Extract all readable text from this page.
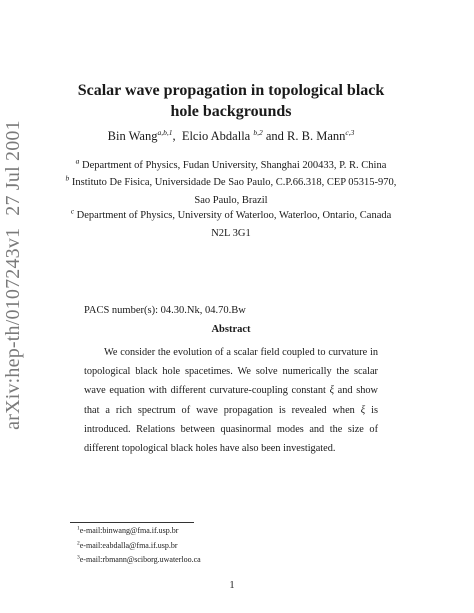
arXiv:hep-th/0107243v127 Jul 2001
Scalar wave propagation in topological black
hole backgrounds
Bin Wang$^{a,b,1}$,  Elcio Abdalla $^{b,2}$ and R. B. Mann$^{c,3}$
$^a$ Department of Physics, Fudan University, Shanghai 200433, P. R. China
$^b$ Instituto De Fisica, Universidade De Sao Paulo, C.P.66.318, CEP 05315-970,
Sao Paulo, Brazil
$^c$ Department of Physics, University of Waterloo, Waterloo, Ontario, Canada
N2L 3G1
PACS number(s): 04.30.Nk, 04.70.Bw
Abstract
We consider the evolution of a scalar field coupled to curvature in topological black hole spacetimes. We solve numerically the scalar wave equation with different curvature-coupling constant ξ and show that a rich spectrum of wave propagation is revealed when ξ is introduced. Relations between quasinormal modes and the size of different topological black holes have also been investigated.
$^1$e-mail:binwang@fma.if.usp.br
$^2$e-mail:eabdalla@fma.if.usp.br
$^3$e-mail:rbmann@sciborg.uwaterloo.ca
1
